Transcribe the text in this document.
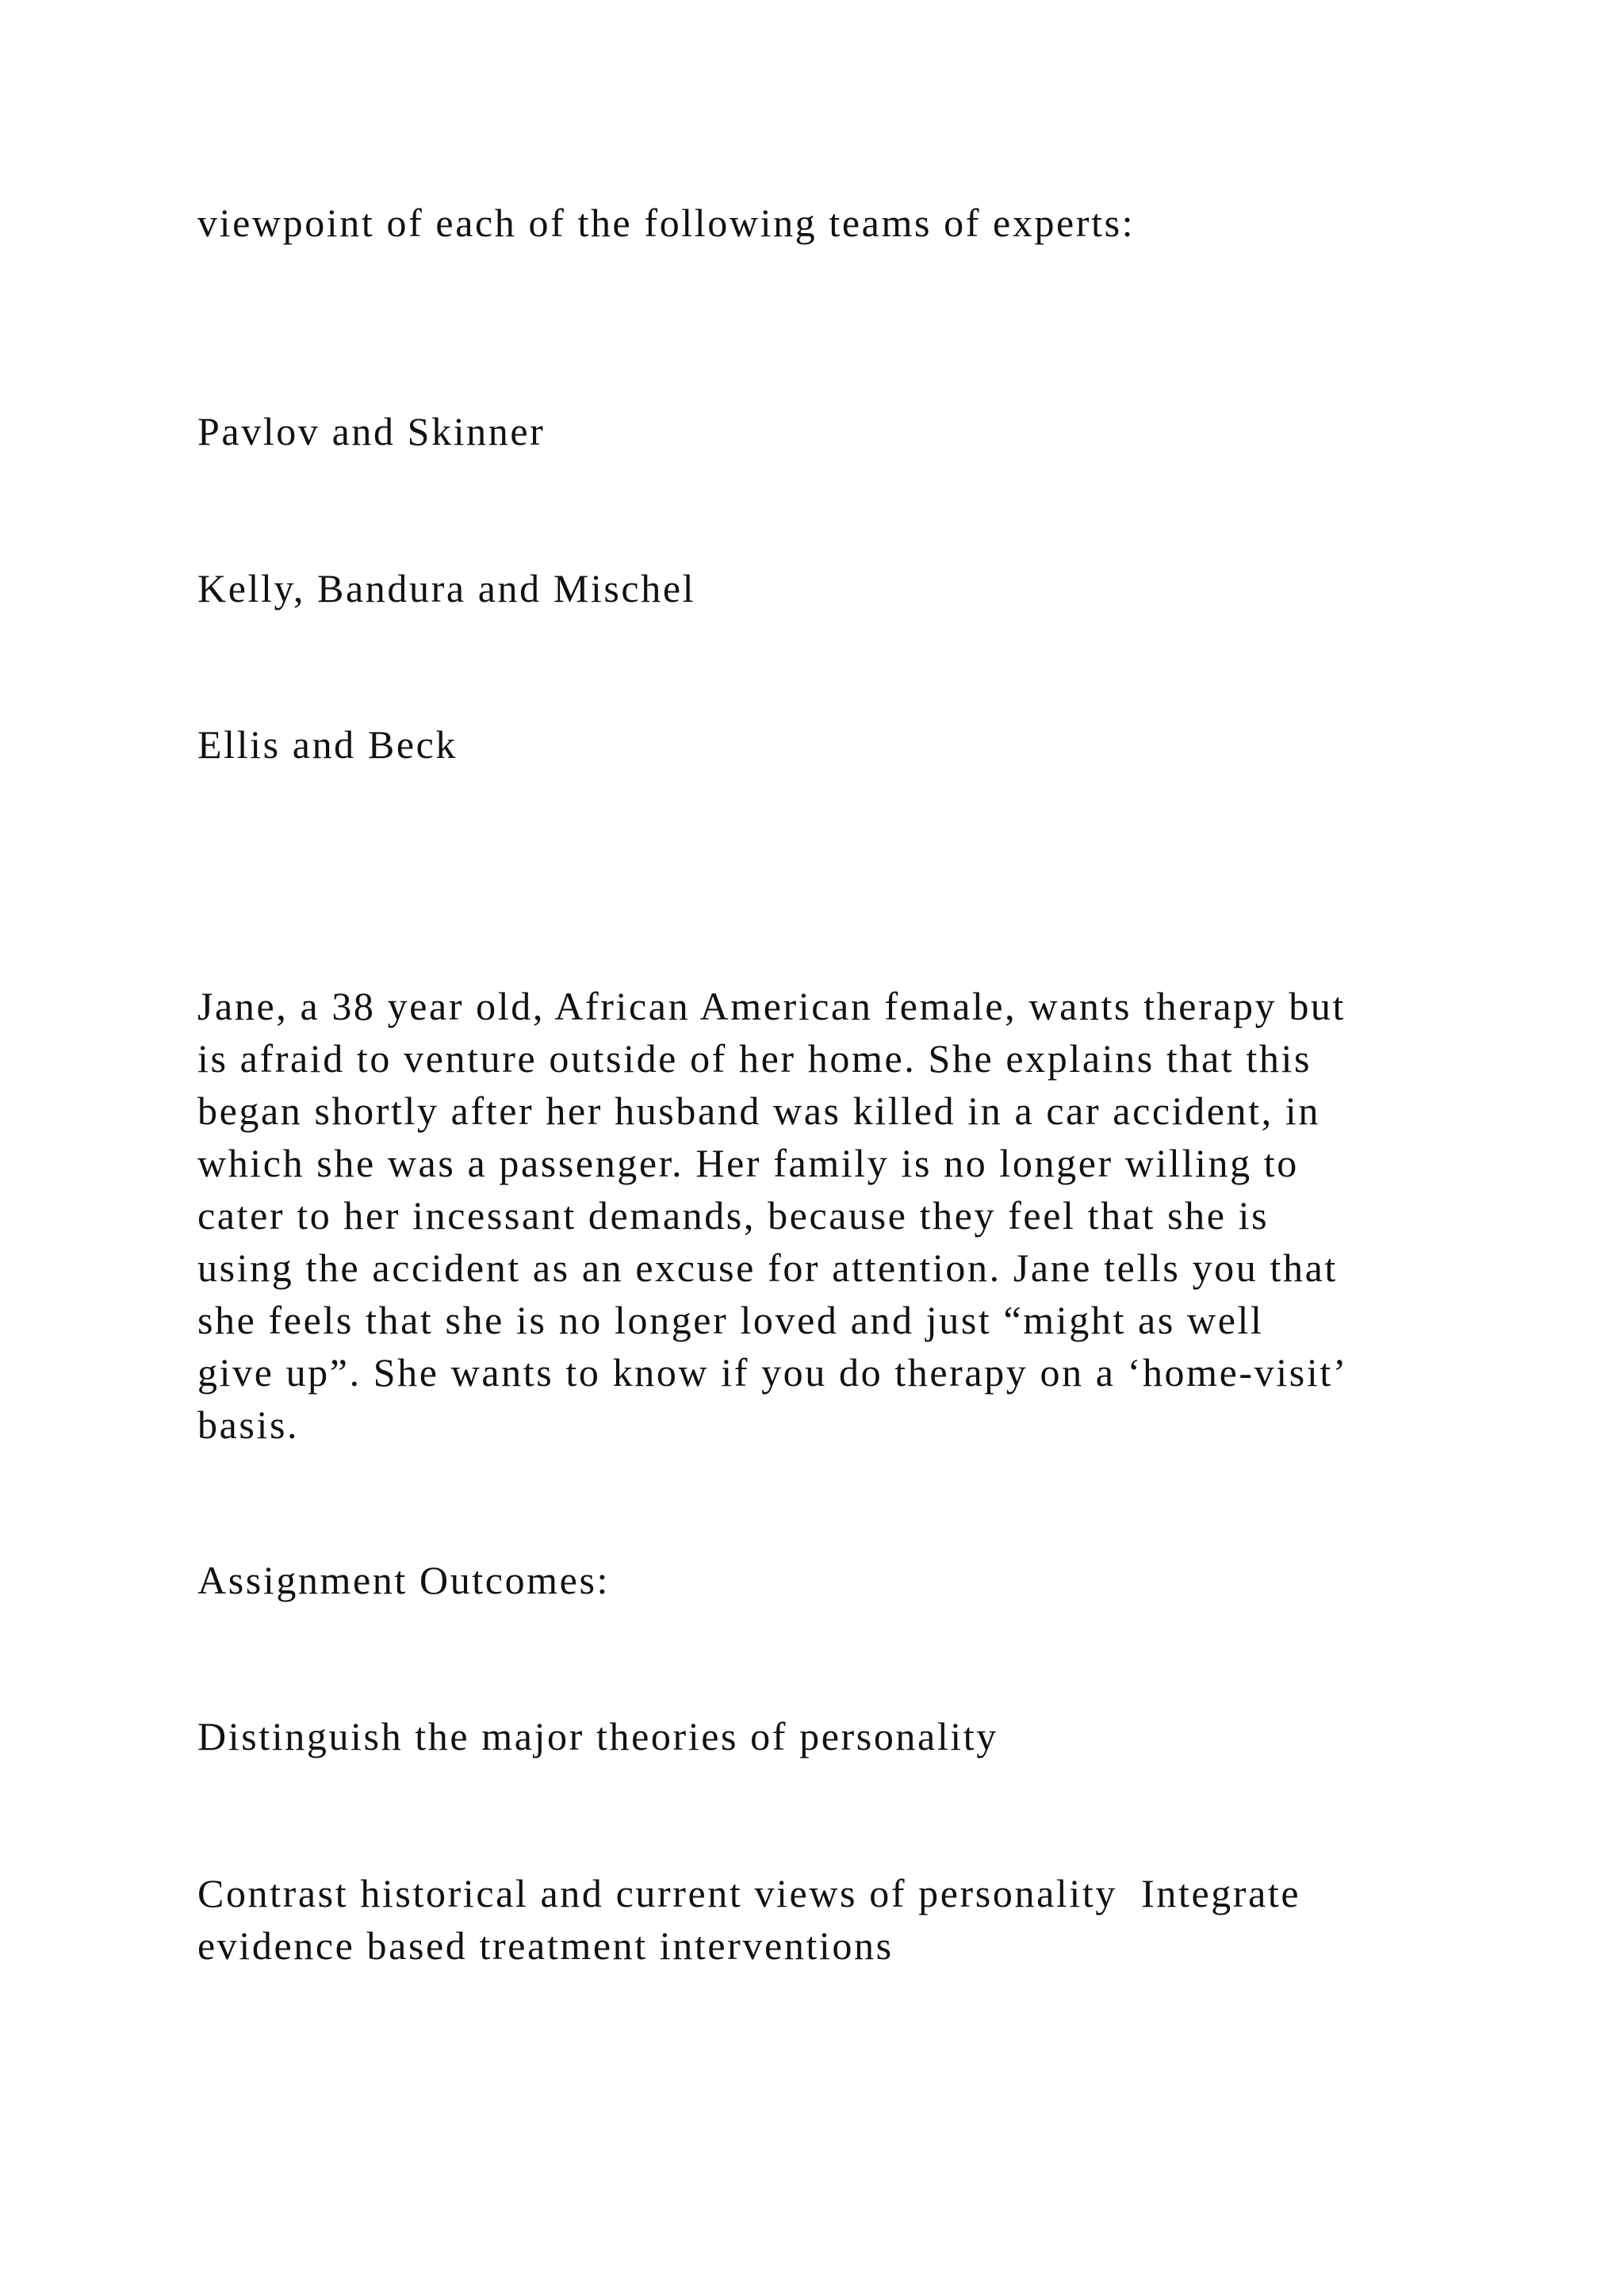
viewpoint of each of the following teams of experts:

Pavlov and Skinner

Kelly, Bandura and Mischel

Ellis and Beck

Jane, a 38 year old, African American female, wants therapy but

is afraid to venture outside of her home. She explains that this

began shortly after her husband was killed in a car accident, in

which she was a passenger. Her family is no longer willing to

cater to her incessant demands, because they feel that she is

using the accident as an excuse for attention. Jane tells you that

she feels that she is no longer loved and just “might as well

give up”. She wants to know if you do therapy on a ‘home-visit’

basis.

Assignment Outcomes:

Distinguish the major theories of personality

Contrast historical and current views of personality  Integrate

evidence based treatment interventions
